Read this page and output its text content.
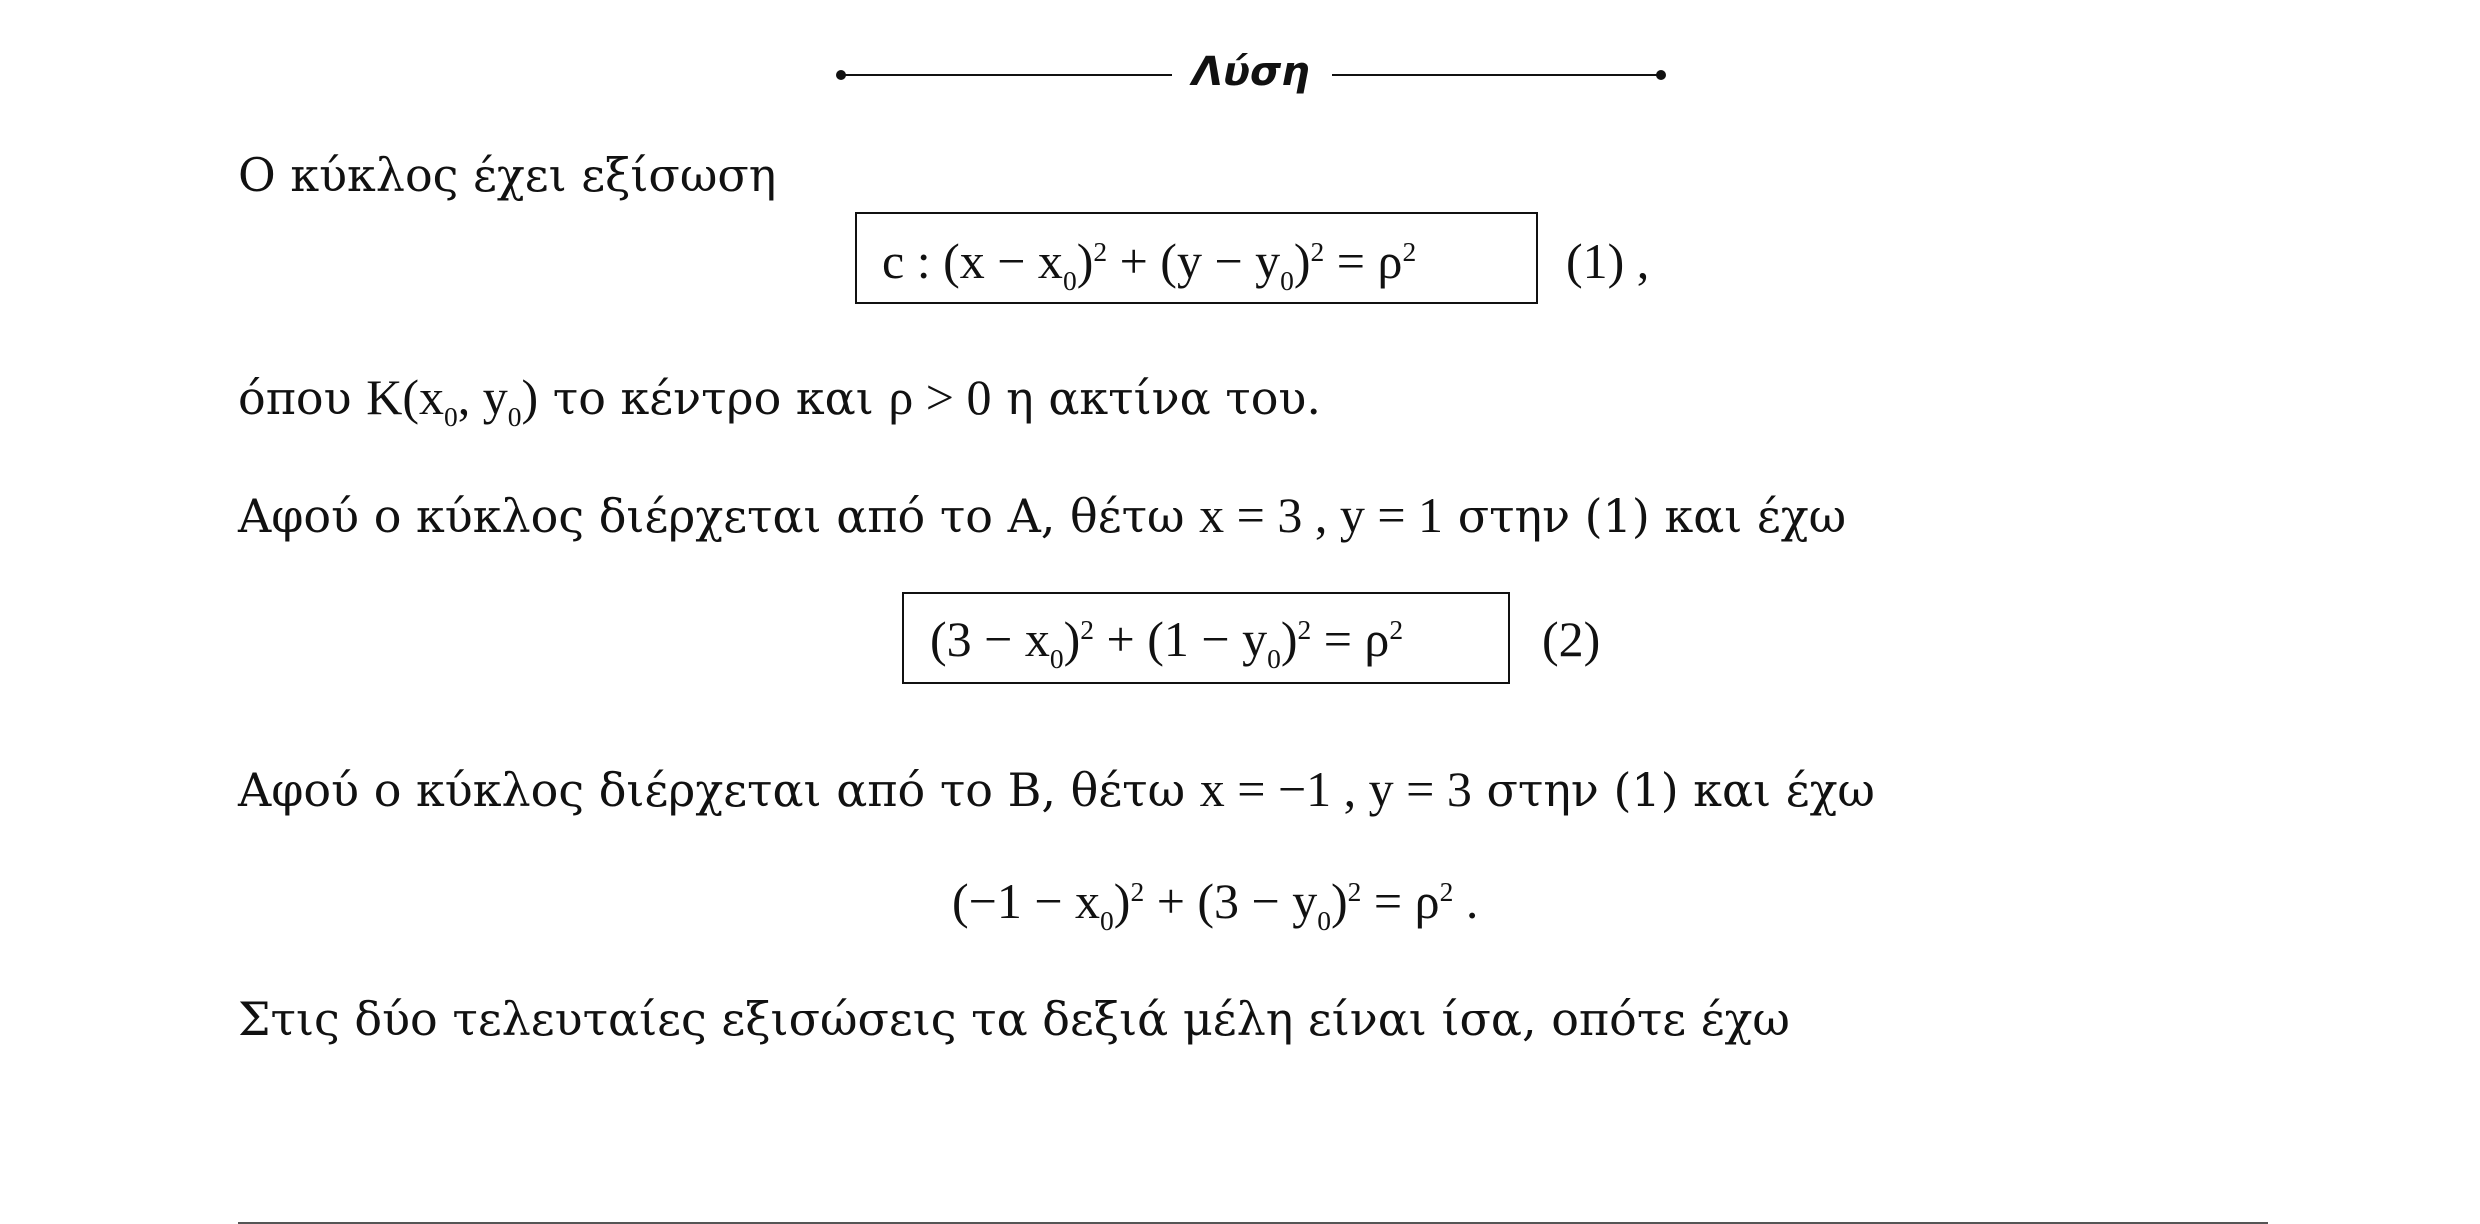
Λύση
Ο κύκλος έχει εξίσωση
c : $(x - x_0)^2 + (y - y_0)^2 = \rho^2$	(1) ,
όπου $K(x_0$, $y_0$) το κέντρο και ρ > 0 η ακτίνα του.
Αφού ο κύκλος διέρχεται από το Α, θέτω x = 3 , y = 1 στην (1) και έχω
$(3 - x_0)^2 + (1 - y_0)^2 = \rho^2$	(2)
Αφού ο κύκλος διέρχεται από το Β, θέτω x = −1 , y = 3 στην (1) και έχω
$(-1 - x_0)^2 + (3 - y_0)^2 = \rho^2$ .
Στις δύο τελευταίες εξισώσεις τα δεξιά μέλη είναι ίσα, οπότε έχω
